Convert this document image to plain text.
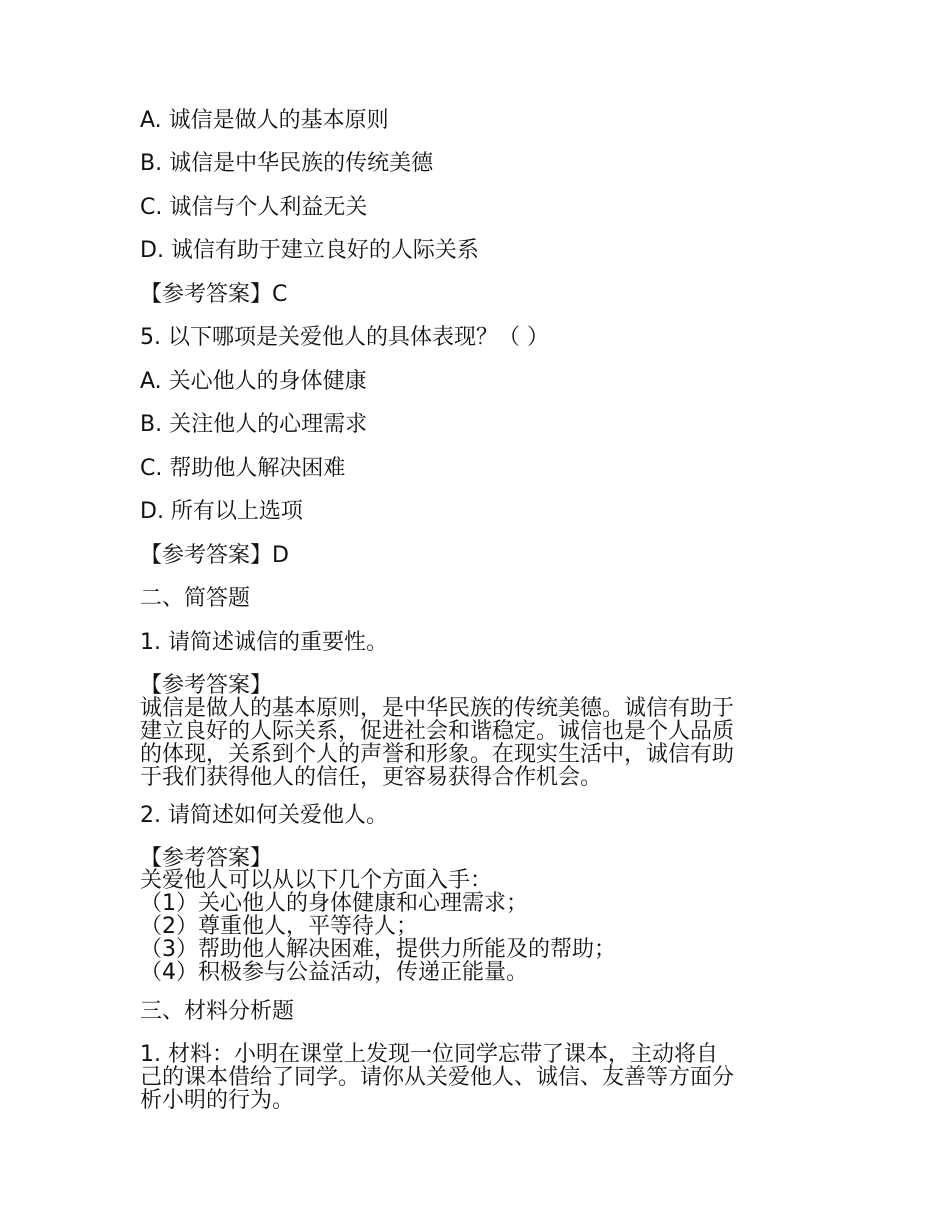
A. 诚信是做人的基本原则
B. 诚信是中华民族的传统美德
C. 诚信与个人利益无关
D. 诚信有助于建立良好的人际关系
【参考答案】C
5. 以下哪项是关爱他人的具体表现？（ ）
A. 关心他人的身体健康
B. 关注他人的心理需求
C. 帮助他人解决困难
D. 所有以上选项
【参考答案】D
二、简答题
1. 请简述诚信的重要性。
【参考答案】
诚信是做人的基本原则，是中华民族的传统美德。诚信有助于
建立良好的人际关系，促进社会和谐稳定。诚信也是个人品质
的体现，关系到个人的声誉和形象。在现实生活中，诚信有助
于我们获得他人的信任，更容易获得合作机会。
2. 请简述如何关爱他人。
【参考答案】
关爱他人可以从以下几个方面入手：
（1）关心他人的身体健康和心理需求；
（2）尊重他人，平等待人；
（3）帮助他人解决困难，提供力所能及的帮助；
（4）积极参与公益活动，传递正能量。
三、材料分析题
1. 材料：小明在课堂上发现一位同学忘带了课本，主动将自
己的课本借给了同学。请你从关爱他人、诚信、友善等方面分
析小明的行为。
